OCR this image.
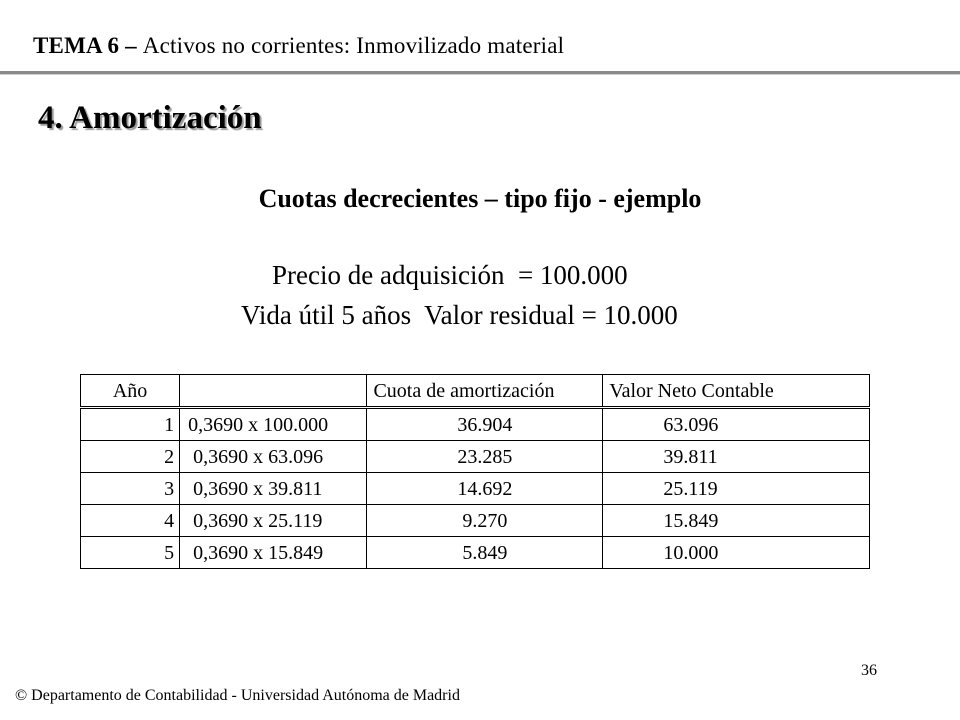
TEMA 6 – Activos no corrientes: Inmovilizado material
4. Amortización
Cuotas decrecientes – tipo fijo - ejemplo
Precio de adquisición  = 100.000
Vida útil 5 años  Valor residual = 10.000
Año		Cuota de amortización	Valor Neto Contable
1	0,3690 x 100.000	36.904	63.096
2	0,3690 x 63.096	23.285	39.811
3	0,3690 x 39.811	14.692	25.119
4	0,3690 x 25.119	9.270	15.849
5	0,3690 x 15.849	5.849	10.000
36
© Departamento de Contabilidad - Universidad Autónoma de Madrid
